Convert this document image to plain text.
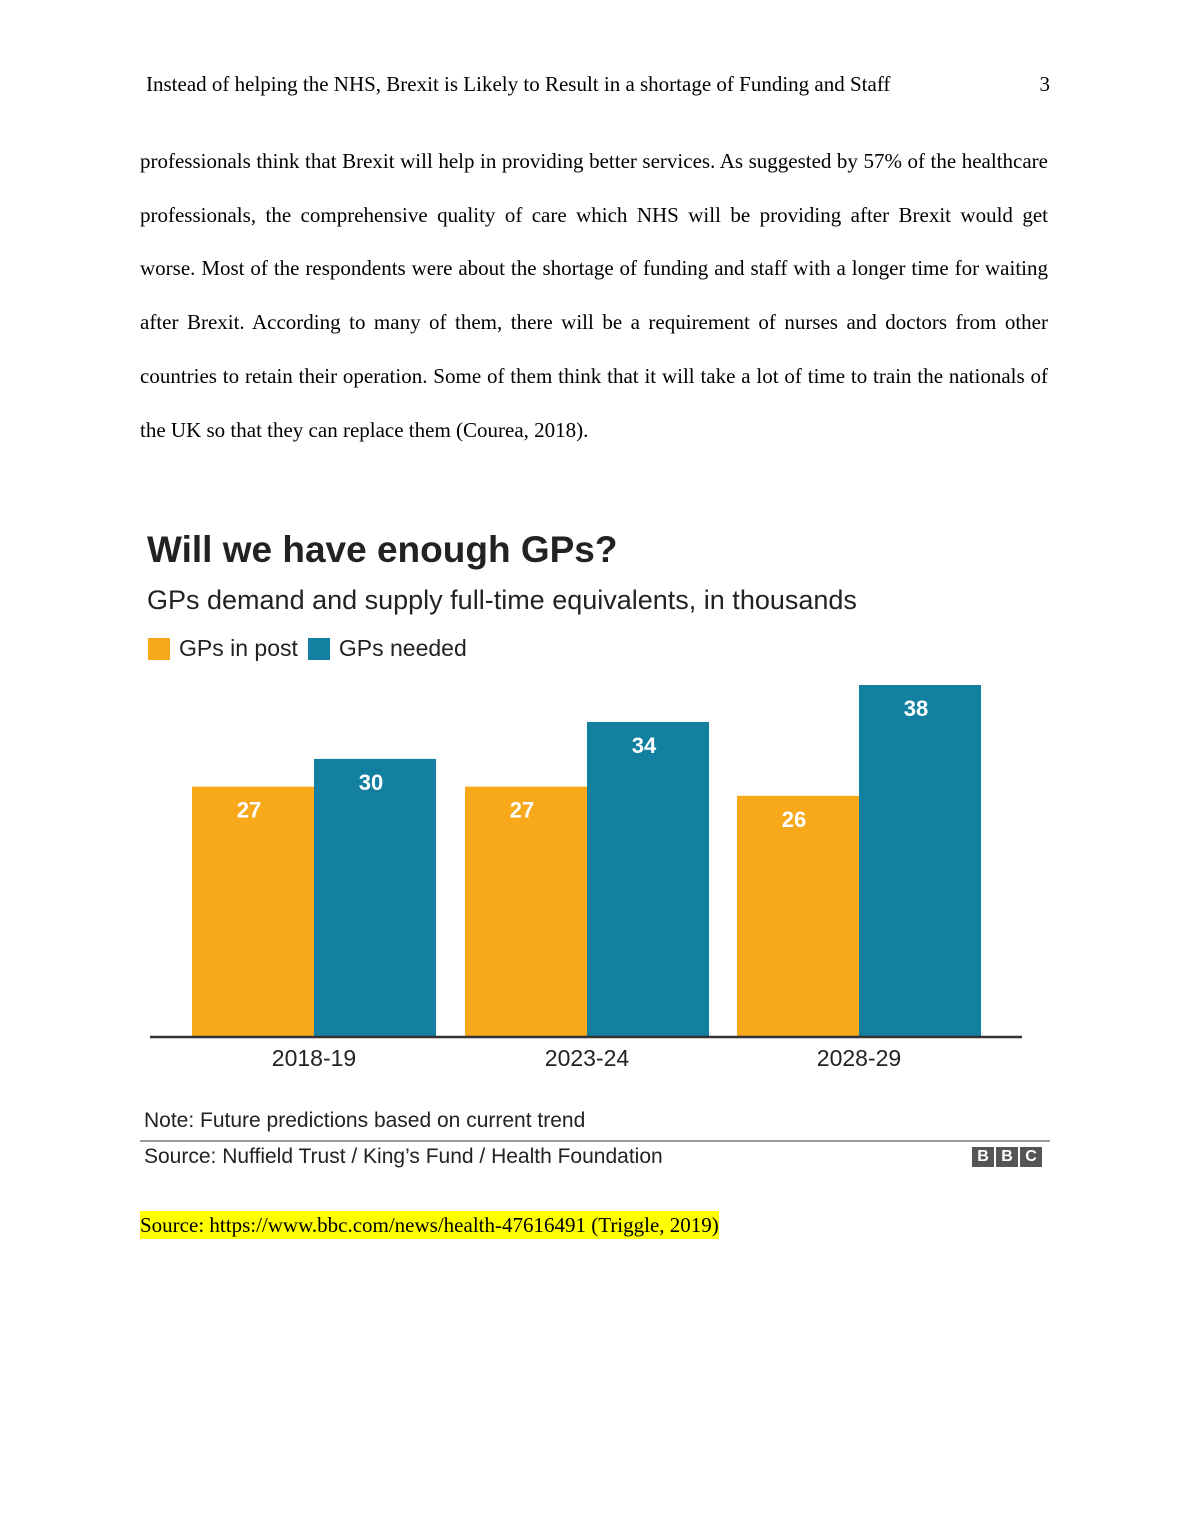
Instead of helping the NHS, Brexit is Likely to Result in a shortage of Funding and Staff	3

professionals think that Brexit will help in providing better services. As suggested by 57% of the healthcare professionals, the comprehensive quality of care which NHS will be providing after Brexit would get worse. Most of the respondents were about the shortage of funding and staff with a longer time for waiting after Brexit. According to many of them, there will be a requirement of nurses and doctors from other countries to retain their operation. Some of them think that it will take a lot of time to train the nationals of the UK so that they can replace them (Courea, 2018).

27
30
2018-19
27
34
2023-24
26
38
2028-29
Will we have enough GPs?
GPs demand and supply full-time equivalents, in thousands
GPs in post GPs needed
Note: Future predictions based on current trend
Source: Nuffield Trust / King’s Fund / Health Foundation	B B C
Source: https://www.bbc.com/news/health-47616491 (Triggle, 2019)
